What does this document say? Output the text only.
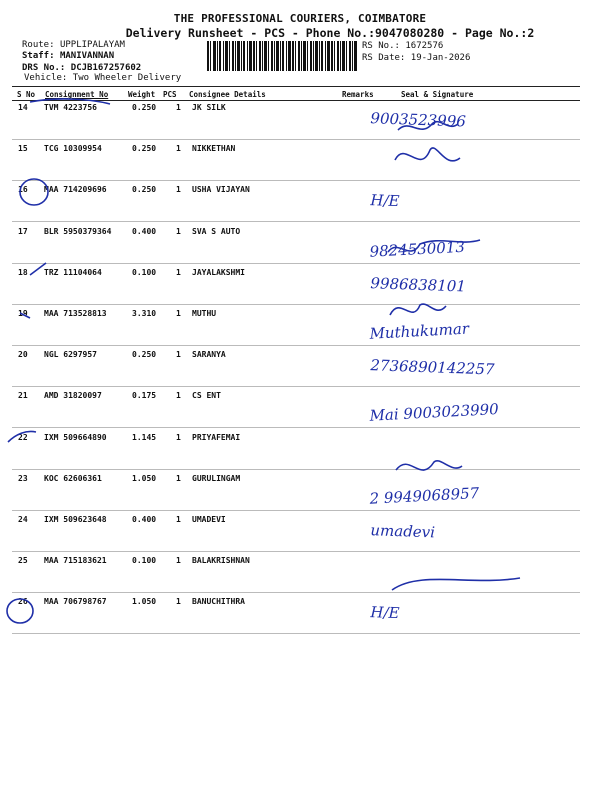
THE PROFESSIONAL COURIERS, COIMBATORE
Delivery Runsheet - PCS - Phone No.:9047080280 - Page No.:2
Route: UPPLIPALAYAM
Staff: MANIVANNAN
DRS No.: DCJB167257602
Vehicle: Two Wheeler Delivery
RS No.: 1672576
RS Date: 19-Jan-2026
S No Consignment No	Weight PCS Consignee Details	Remarks	Seal & Signature
14 TVM 4223756	0.250 1 JK SILK
9003523996
15 TCG 10309954	0.250 1 NIKKETHAN
16 MAA 714209696	0.250 1 USHA VIJAYAN
H/E
17 BLR 5950379364	0.400 1 SVA S AUTO
9824530013
18 TRZ 11104064	0.100 1 JAYALAKSHMI
9986838101
19 MAA 713528813	3.310 1 MUTHU
Muthukumar
20 NGL 6297957	0.250 1 SARANYA
2736890142257
21 AMD 31820097	0.175 1 CS ENT
Mai 9003023990
22 IXM 509664890	1.145 1 PRIYAFEMAI
23 KOC 62606361	1.050 1 GURULINGAM
2 9949068957
24 IXM 509623648	0.400 1 UMADEVI
umadevi
25 MAA 715183621	0.100 1 BALAKRISHNAN
26 MAA 706798767	1.050 1 BANUCHITHRA
H/E
